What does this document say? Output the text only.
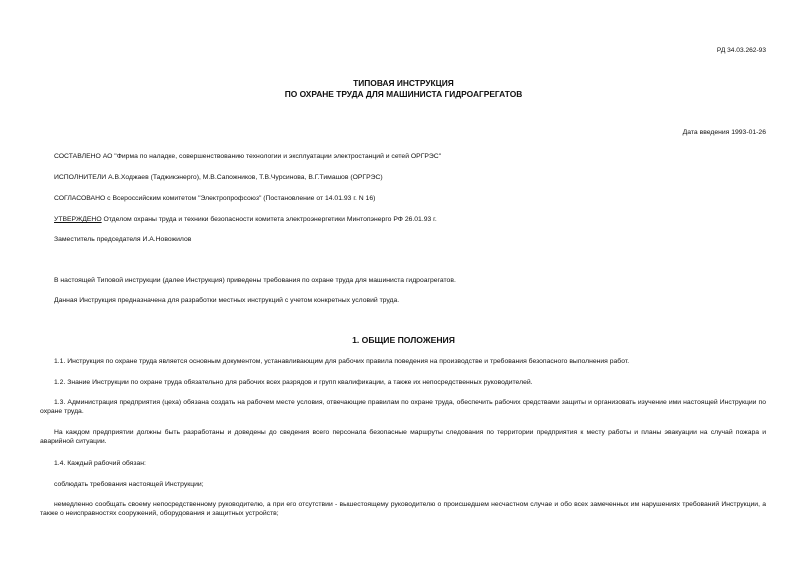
РД 34.03.262-93
ТИПОВАЯ ИНСТРУКЦИЯ
ПО ОХРАНЕ ТРУДА ДЛЯ МАШИНИСТА ГИДРОАГРЕГАТОВ
Дата введения 1993-01-26
СОСТАВЛЕНО АО "Фирма по наладке, совершенствованию технологии и эксплуатации электростанций и сетей ОРГРЭС"
ИСПОЛНИТЕЛИ А.В.Ходжаев (Таджикэнерго), М.В.Сапожников, Т.В.Чурсинова, В.Г.Тимашов (ОРГРЭС)
СОГЛАСОВАНО с Всероссийским комитетом "Электропрофсоюз" (Постановление от 14.01.93 г. N 16)
УТВЕРЖДЕНО Отделом охраны труда и техники безопасности комитета электроэнергетики Минтопэнерго РФ 26.01.93 г.
Заместитель председателя И.А.Новожилов
В настоящей Типовой инструкции (далее Инструкция) приведены требования по охране труда для машиниста гидроагрегатов.
Данная Инструкция предназначена для разработки местных инструкций с учетом конкретных условий труда.
1. ОБЩИЕ ПОЛОЖЕНИЯ
1.1. Инструкция по охране труда является основным документом, устанавливающим для рабочих правила поведения на производстве и требования безопасного выполнения работ.
1.2. Знание Инструкции по охране труда обязательно для рабочих всех разрядов и групп квалификации, а также их непосредственных руководителей.
1.3. Администрация предприятия (цеха) обязана создать на рабочем месте условия, отвечающие правилам по охране труда, обеспечить рабочих средствами защиты и организовать изучение ими настоящей Инструкции по охране труда.
На каждом предприятии должны быть разработаны и доведены до сведения всего персонала безопасные маршруты следования по территории предприятия к месту работы и планы эвакуации на случай пожара и аварийной ситуации.
1.4. Каждый рабочий обязан:
соблюдать требования настоящей Инструкции;
немедленно сообщать своему непосредственному руководителю, а при его отсутствии - вышестоящему руководителю о происшедшем несчастном случае и обо всех замеченных им нарушениях требований Инструкции, а также о неисправностях сооружений, оборудования и защитных устройств;
